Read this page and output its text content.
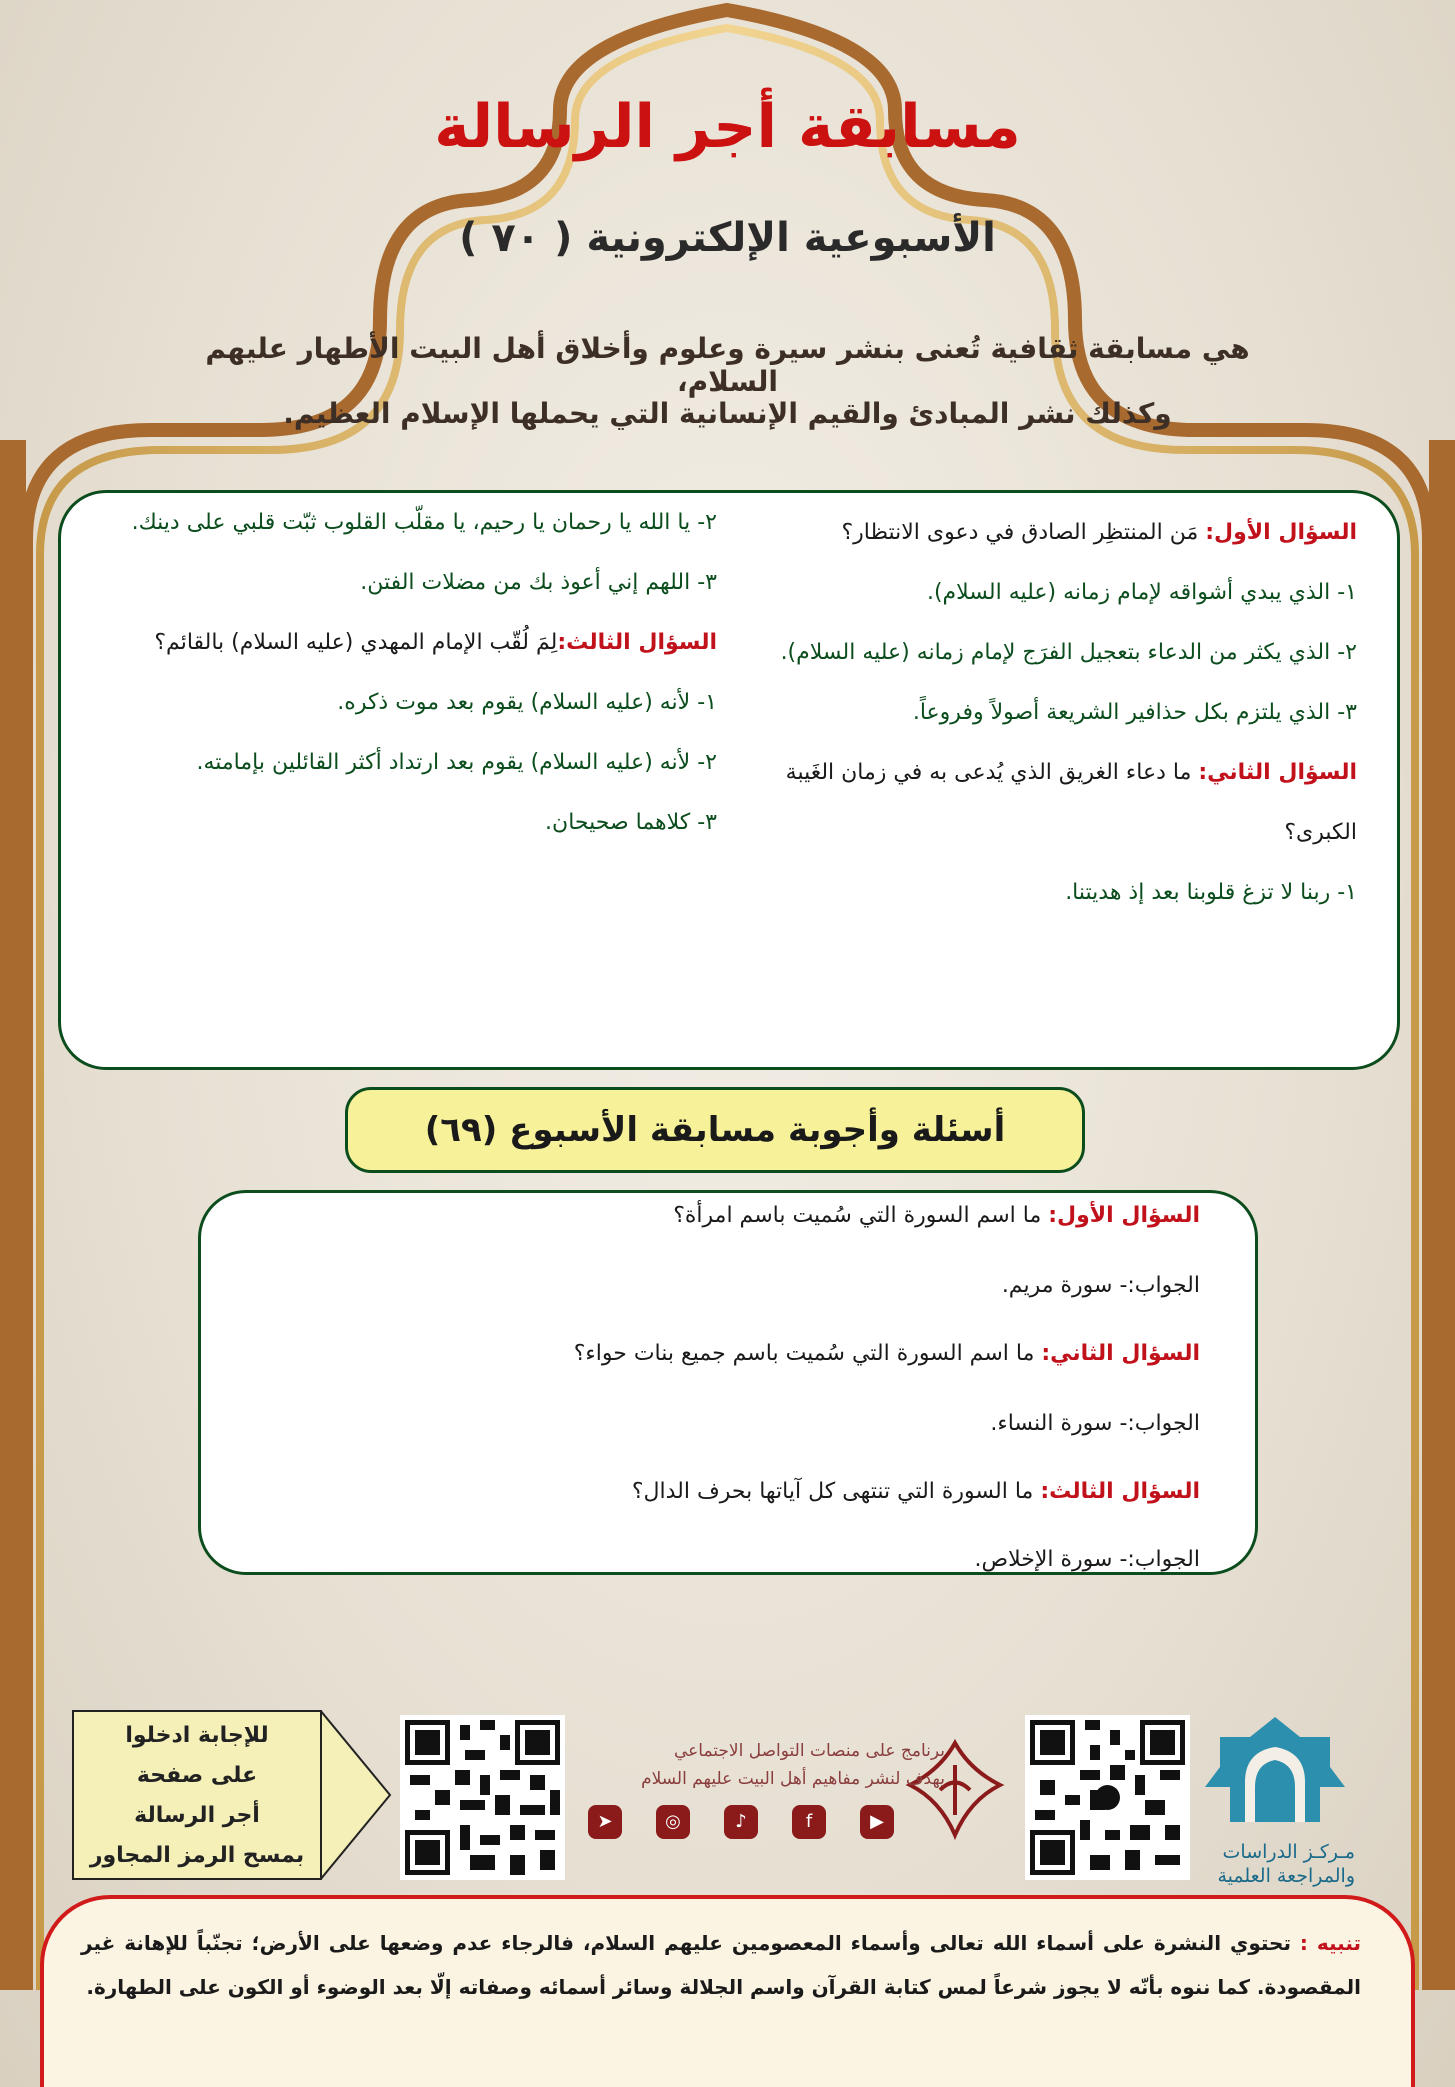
مسابقة أجر الرسالة
الأسبوعية الإلكترونية ( ٧٠ )
هي مسابقة ثقافية تُعنى بنشر سيرة وعلوم وأخلاق أهل البيت الأطهار عليهم السلام،
وكذلك نشر المبادئ والقيم الإنسانية التي يحملها الإسلام العظيم.
السؤال الأول: مَن المنتظِر الصادق في دعوى الانتظار؟
١- الذي يبدي أشواقه لإمام زمانه (عليه السلام).
٢- الذي يكثر من الدعاء بتعجيل الفرَج لإمام زمانه (عليه السلام).
٣- الذي يلتزم بكل حذافير الشريعة أصولاً وفروعاً.
السؤال الثاني: ما دعاء الغريق الذي يُدعى به في زمان الغَيبة الكبرى؟
١- ربنا لا تزغ قلوبنا بعد إذ هديتنا.
٢- يا الله يا رحمان يا رحيم، يا مقلّب القلوب ثبّت قلبي على دينك.
٣- اللهم إني أعوذ بك من مضلات الفتن.
السؤال الثالث:لِمَ لُقّب الإمام المهدي (عليه السلام) بالقائم؟
١- لأنه (عليه السلام) يقوم بعد موت ذكره.
٢- لأنه (عليه السلام) يقوم بعد ارتداد أكثر القائلين بإمامته.
٣- كلاهما صحيحان.
أسئلة وأجوبة مسابقة الأسبوع (٦٩)
السؤال الأول: ما اسم السورة التي سُميت باسم امرأة؟
الجواب:- سورة مريم.
السؤال الثاني: ما اسم السورة التي سُميت باسم جميع بنات حواء؟
الجواب:- سورة النساء.
السؤال الثالث: ما السورة التي تنتهى كل آياتها بحرف الدال؟
الجواب:- سورة الإخلاص.
للإجابة ادخلوا
على صفحة
أجر الرسالة
بمسح الرمز المجاور
برنامج على منصات التواصل الاجتماعي
يهدف لنشر مفاهيم أهل البيت عليهم السلام
▶
f
♪
◎
➤
مـركـز الدراسات
والمراجعة العلمية
تنبيه : تحتوي النشرة على أسماء الله تعالى وأسماء المعصومين عليهم السلام، فالرجاء عدم وضعها على الأرض؛ تجنّباً للإهانة غير المقصودة. كما ننوه بأنّه لا يجوز شرعاً لمس كتابة القرآن واسم الجلالة وسائر أسمائه وصفاته إلّا بعد الوضوء أو الكون على الطهارة.
